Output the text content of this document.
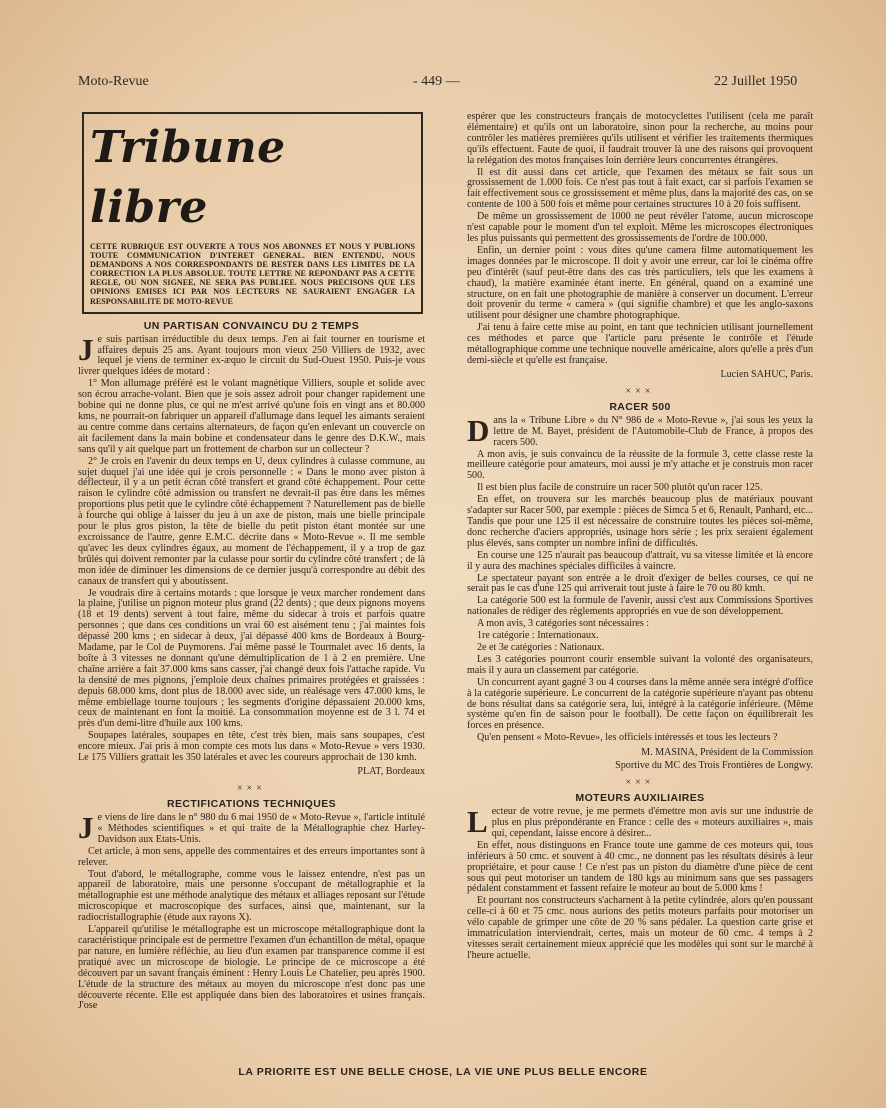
Moto-Revue	- 449 —	22 Juillet 1950
Tribune libre
CETTE RUBRIQUE EST OUVERTE A TOUS NOS ABONNES ET NOUS Y PUBLIONS TOUTE COMMUNICATION D'INTERET GENERAL. BIEN ENTENDU, NOUS DEMANDONS A NOS CORRESPONDANTS DE RESTER DANS LES LIMITES DE LA CORRECTION LA PLUS ABSOLUE. TOUTE LETTRE NE REPONDANT PAS A CETTE REGLE, OU NON SIGNEE, NE SERA PAS PUBLIEE. NOUS PRECISONS QUE LES OPINIONS EMISES ICI PAR NOS LECTEURS NE SAURAIENT ENGAGER LA RESPONSABILITE DE MOTO-REVUE
UN PARTISAN CONVAINCU DU 2 TEMPS

Je suis partisan irréductible du deux temps. J'en ai fait tourner en tourisme et affaires depuis 25 ans. Ayant toujours mon vieux 250 Villiers de 1932, avec lequel je viens de terminer ex-æquo le circuit du Sud-Ouest 1950. Puis-je vous livrer quelques idées de motard :

1° Mon allumage préféré est le volant magnétique Villiers, souple et solide avec son écrou arrache-volant. Bien que je sois assez adroit pour changer rapidement une bobine qui ne donne plus, ce qui ne m'est arrivé qu'une fois en vingt ans et 80.000 kms, ne pourrait-on fabriquer un appareil d'allumage dans lequel les aimants seraient au centre comme dans certains alternateurs, de façon qu'en enlevant un couvercle on ait facilement dans la main bobine et condensateur dans le genre des D.K.W., mais sans qu'il y ait quelque part un frottement de charbon sur un collecteur ?

2° Je crois en l'avenir du deux temps en U, deux cylindres à culasse commune, au sujet duquel j'ai une idée qui je crois personnelle : « Dans le mono avec piston à déflecteur, il y a un petit écran côté transfert et grand côté échappement. Pour cette raison le cylindre côté admission ou transfert ne devrait-il pas être dans les mêmes proportions plus petit que le cylindre côté échappement ? Naturellement pas de bielle à fourche qui oblige à laisser du jeu à un axe de piston, mais une bielle principale pour le plus gros piston, la tête de bielle du petit piston étant montée sur une excroissance de l'autre, genre E.M.C. décrite dans « Moto-Revue ». Il me semble qu'avec les deux cylindres égaux, au moment de l'échappement, il y a trop de gaz brûlés qui doivent remonter par la culasse pour sortir du cylindre côté transfert ; de là mon idée de diminuer les dimensions de ce dernier jusqu'à correspondre au débit des canaux de transfert qui y aboutissent.

Je voudrais dire à certains motards : que lorsque je veux marcher rondement dans la plaine, j'utilise un pignon moteur plus grand (22 dents) ; que deux pignons moyens (18 et 19 dents) servent à tout faire, même du sidecar à trois et parfois quatre personnes ; que dans ces conditions un vrai 60 est aisément tenu ; j'ai maintes fois dépassé 200 kms ; en sidecar à deux, j'ai dépassé 400 kms de Bordeaux à Bourg-Madame, par le Col de Puymorens. J'ai même passé le Tourmalet avec 16 dents, la boîte à 3 vitesses ne donnant qu'une démultiplication de 1 à 2 en première. Une chaîne arrière a fait 37.000 kms sans casser, j'ai changé deux fois l'attache rapide. Vu la densité de mes pignons, j'emploie deux chaînes primaires protégées et graissées : depuis 68.000 kms, dont plus de 18.000 avec side, un réalésage vers 47.000 kms, le même embiellage tourne toujours ; les segments d'origine dépassaient 20.000 kms, ceux de maintenant en font la moitié. La consommation moyenne est de 3 l. 74 et près d'un demi-litre d'huile aux 100 kms.

Soupapes latérales, soupapes en tête, c'est très bien, mais sans soupapes, c'est encore mieux. J'ai pris à mon compte ces mots lus dans « Moto-Revue » vers 1930. Le 175 Villiers grattait les 350 latérales et avec les coureurs approchait de 130 kmh.

PLAT, Bordeaux
×××
RECTIFICATIONS TECHNIQUES

Je viens de lire dans le n° 980 du 6 mai 1950 de « Moto-Revue », l'article intitulé « Méthodes scientifiques » et qui traite de la Métallographie chez Harley-Davidson aux Etats-Unis.

Cet article, à mon sens, appelle des commentaires et des erreurs importantes sont à relever.

Tout d'abord, le métallographe, comme vous le laissez entendre, n'est pas un appareil de laboratoire, mais une personne s'occupant de métallographie et la métallographie est une méthode analytique des métaux et alliages reposant sur l'étude microscopique et macroscopique des surfaces, ainsi que, maintenant, sur la radiocristallographie (étude aux rayons X).

L'appareil qu'utilise le métallographe est un microscope métallographique dont la caractéristique principale est de permettre l'examen d'un échantillon de métal, opaque par nature, en lumière réfléchie, au lieu d'un examen par transparence comme il est pratiqué avec un microscope de biologie. Le principe de ce microscope a été découvert par un savant français éminent : Henry Louis Le Chatelier, peu après 1900. L'étude de la structure des métaux au moyen du microscope n'est donc pas une découverte récente. Elle est appliquée dans bien des laboratoires et usines français. J'ose

espérer que les constructeurs français de motocyclettes l'utilisent (cela me paraît élémentaire) et qu'ils ont un laboratoire, sinon pour la recherche, au moins pour contrôler les matières premières qu'ils utilisent et vérifier les traitements thermiques qu'ils effectuent. Faute de quoi, il faudrait trouver là une des raisons qui provoquent la relégation des motos françaises loin derrière leurs concurrentes étrangères.

Il est dit aussi dans cet article, que l'examen des métaux se fait sous un grossissement de 1.000 fois. Ce n'est pas tout à fait exact, car si parfois l'examen se fait effectivement sous ce grossissement et même plus, dans la majorité des cas, on se contente de 100 à 500 fois et même pour certaines structures 10 à 20 fois suffisent.

De même un grossissement de 1000 ne peut révéler l'atome, aucun microscope n'est capable pour le moment d'un tel exploit. Même les microscopes électroniques les plus puissants qui permettent des grossissements de l'ordre de 100.000.

Enfin, un dernier point : vous dites qu'une camera filme automatiquement les images données par le microscope. Il doit y avoir une erreur, car loi le cinéma offre peu d'intérêt (sauf peut-être dans des cas très particuliers, tels que les examens à chaud), la matière examinée étant inerte. En général, quand on a examiné une structure, on en fait une photographie de manière à conserver un document. L'erreur doit provenir du terme « camera » (qui signifie chambre) et que les anglo-saxons utilisent pour désigner une chambre photographique.

J'ai tenu à faire cette mise au point, en tant que technicien utilisant journellement ces méthodes et parce que l'article paru présente le contrôle et l'étude métallographique comme une technique nouvelle américaine, alors qu'elle a près d'un demi-siècle et qu'elle est française.

Lucien SAHUC, Paris.
×××
RACER 500

Dans la « Tribune Libre » du N° 986 de « Moto-Revue », j'ai sous les yeux la lettre de M. Bayet, président de l'Automobile-Club de France, à propos des racers 500.

A mon avis, je suis convaincu de la réussite de la formule 3, cette classe reste la meilleure catégorie pour amateurs, moi aussi je m'y attache et je construis mon racer 500.

Il est bien plus facile de construire un racer 500 plutôt qu'un racer 125.

En effet, on trouvera sur les marchés beaucoup plus de matériaux pouvant s'adapter sur Racer 500, par exemple : pièces de Simca 5 et 6, Renault, Panhard, etc... Tandis que pour une 125 il est nécessaire de construire toutes les pièces soi-même, donc recherche d'aciers appropriés, usinage hors série ; les prix seraient également plus élevés, sans compter un nombre infini de difficultés.

En course une 125 n'aurait pas beaucoup d'attrait, vu sa vitesse limitée et là encore il y aura des machines spéciales difficiles à vaincre.

Le spectateur payant son entrée a le droit d'exiger de belles courses, ce qui ne serait pas le cas d'une 125 qui arriverait tout juste à faire le 70 ou 80 kmh.

La catégorie 500 est la formule de l'avenir, aussi c'est aux Commissions Sportives nationales de rédiger des règlements appropriés en vue de son développement.

A mon avis, 3 catégories sont nécessaires :

1re catégorie : Internationaux.

2e et 3e catégories : Nationaux.

Les 3 catégories pourront courir ensemble suivant la volonté des organisateurs, mais il y aura un classement par catégorie.

Un concurrent ayant gagné 3 ou 4 courses dans la même année sera intégré d'office à la catégorie supérieure. Le concurrent de la catégorie supérieure n'ayant pas obtenu de bons résultat dans sa catégorie sera, lui, intégré à la catégorie inférieure. (Même système qu'en fin de saison pour le football). De cette façon on équilibrerait les forces en présence.

Qu'en pensent « Moto-Revue», les officiels intéressés et tous les lecteurs ?

M. MASINA, Président de la Commission
Sportive du MC des Trois Frontières de Longwy.
×××
MOTEURS AUXILIAIRES

Lecteur de votre revue, je me permets d'émettre mon avis sur une industrie de plus en plus prépondérante en France : celle des « moteurs auxiliaires », mais qui, cependant, laisse encore à désirer...

En effet, nous distinguons en France toute une gamme de ces moteurs qui, tous inférieurs à 50 cmc. et souvent à 40 cmc., ne donnent pas les résultats désirés à leur propriétaire, et pour cause ! Ce n'est pas un piston du diamètre d'une pièce de cent sous qui peut motoriser un tandem de 180 kgs au minimum sans que ses passagers pédalent constamment et fassent refaire le moteur au bout de 5.000 kms !

Et pourtant nos constructeurs s'acharnent à la petite cylindrée, alors qu'en poussant celle-ci à 60 et 75 cmc. nous aurions des petits moteurs parfaits pour motoriser un vélo capable de grimper une côte de 20 % sans pédaler. La question carte grise et immatriculation interviendrait, certes, mais un moteur de 60 cmc. 4 temps à 2 vitesses serait certainement mieux apprécié que les modèles qui sont sur le marché à l'heure actuelle.

LA PRIORITE EST UNE BELLE CHOSE, LA VIE UNE PLUS BELLE ENCORE
